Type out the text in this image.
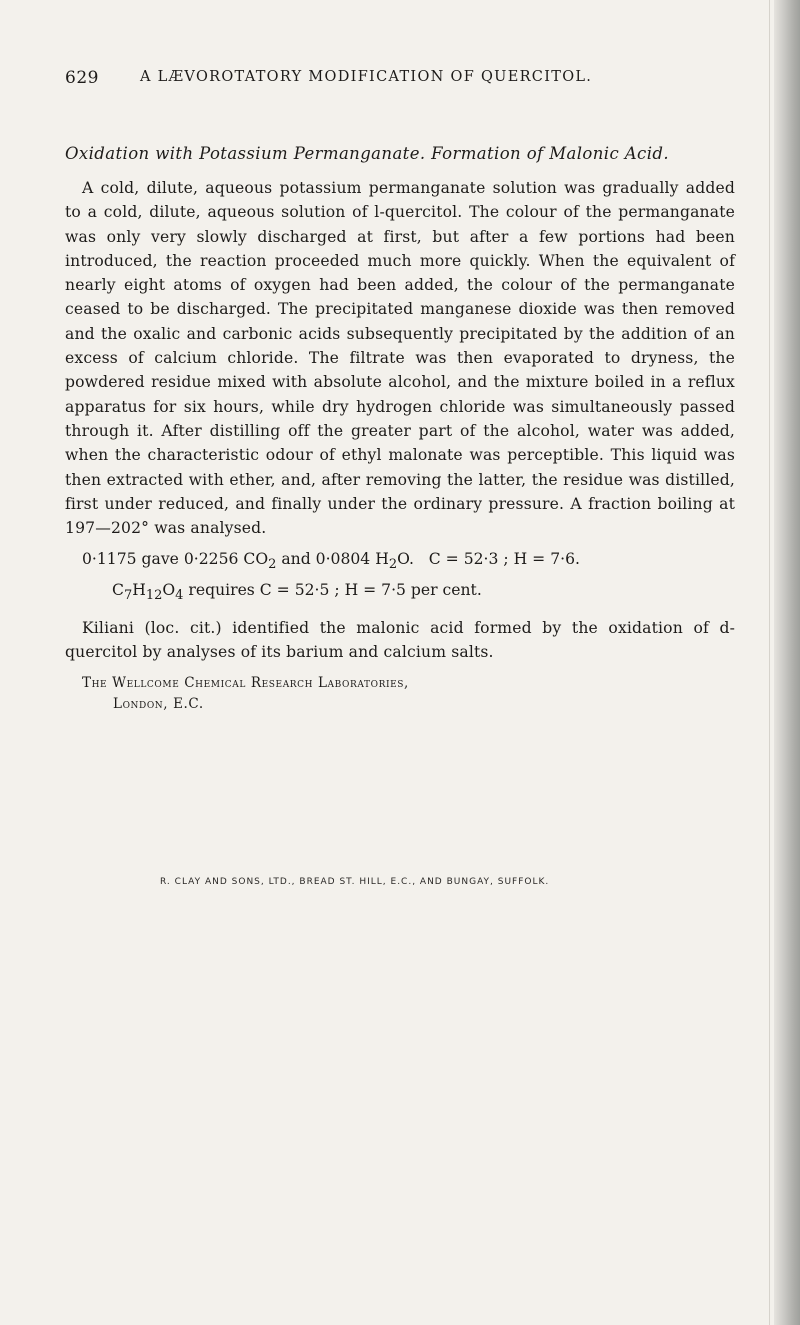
629	A LÆVOROTATORY MODIFICATION OF QUERCITOL.

Oxidation with Potassium Permanganate. Formation of Malonic Acid.

A cold, dilute, aqueous potassium permanganate solution was gradually added to a cold, dilute, aqueous solution of l-quercitol. The colour of the permanganate was only very slowly discharged at first, but after a few portions had been introduced, the reaction proceeded much more quickly. When the equivalent of nearly eight atoms of oxygen had been added, the colour of the permanganate ceased to be discharged. The precipitated manganese dioxide was then removed and the oxalic and carbonic acids subsequently precipitated by the addition of an excess of calcium chloride. The filtrate was then evaporated to dryness, the powdered residue mixed with absolute alcohol, and the mixture boiled in a reflux apparatus for six hours, while dry hydrogen chloride was simultaneously passed through it. After distilling off the greater part of the alcohol, water was added, when the characteristic odour of ethyl malonate was perceptible. This liquid was then extracted with ether, and, after removing the latter, the residue was distilled, first under reduced, and finally under the ordinary pressure. A fraction boiling at 197—202° was analysed.

0·1175 gave 0·2256 $CO_2$ and 0·0804 $H_2O$. C = 52·3 ; H = 7·6.
$C_7H_{12}O_4$ requires C = 52·5 ; H = 7·5 per cent.

Kiliani (loc. cit.) identified the malonic acid formed by the oxidation of d-quercitol by analyses of its barium and calcium salts.

The Wellcome Chemical Research Laboratories,
London, E.C.
R. CLAY AND SONS, LTD., BREAD ST. HILL, E.C., AND BUNGAY, SUFFOLK.
